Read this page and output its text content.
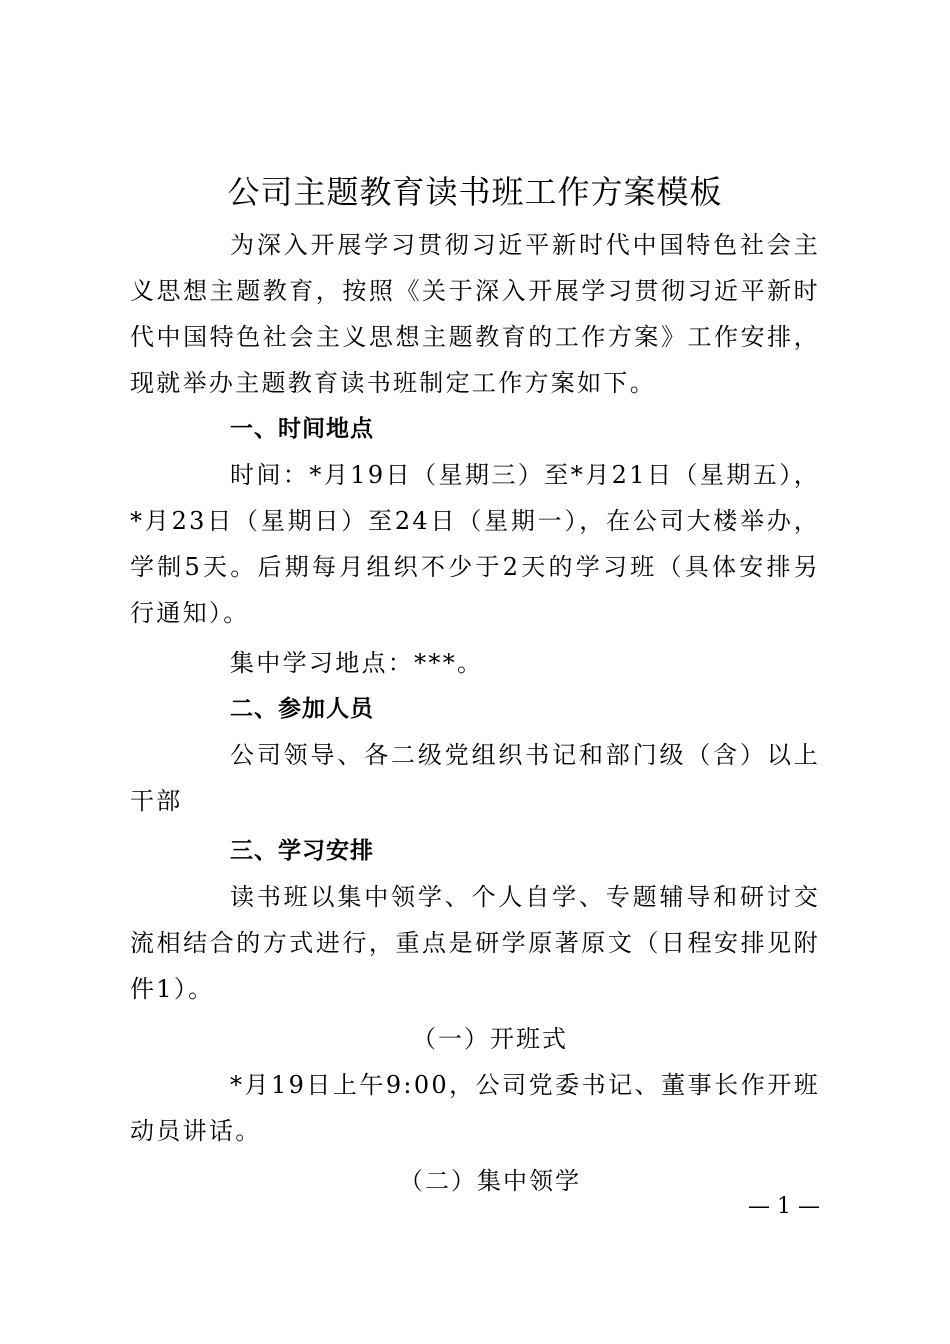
公司主题教育读书班工作方案模板

为深入开展学习贯彻习近平新时代中国特色社会主义思想主题教育，按照《关于深入开展学习贯彻习近平新时代中国特色社会主义思想主题教育的工作方案》工作安排，现就举办主题教育读书班制定工作方案如下。

一、时间地点

时间：*月19日（星期三）至*月21日（星期五），*月23日（星期日）至24日（星期一），在公司大楼举办，学制5天。后期每月组织不少于2天的学习班（具体安排另行通知）。

集中学习地点：***。

二、参加人员

公司领导、各二级党组织书记和部门级（含）以上干部

三、学习安排

读书班以集中领学、个人自学、专题辅导和研讨交流相结合的方式进行，重点是研学原著原文（日程安排见附件1）。

（一）开班式

*月19日上午9:00，公司党委书记、董事长作开班动员讲话。

（二）集中领学

— 1 —
